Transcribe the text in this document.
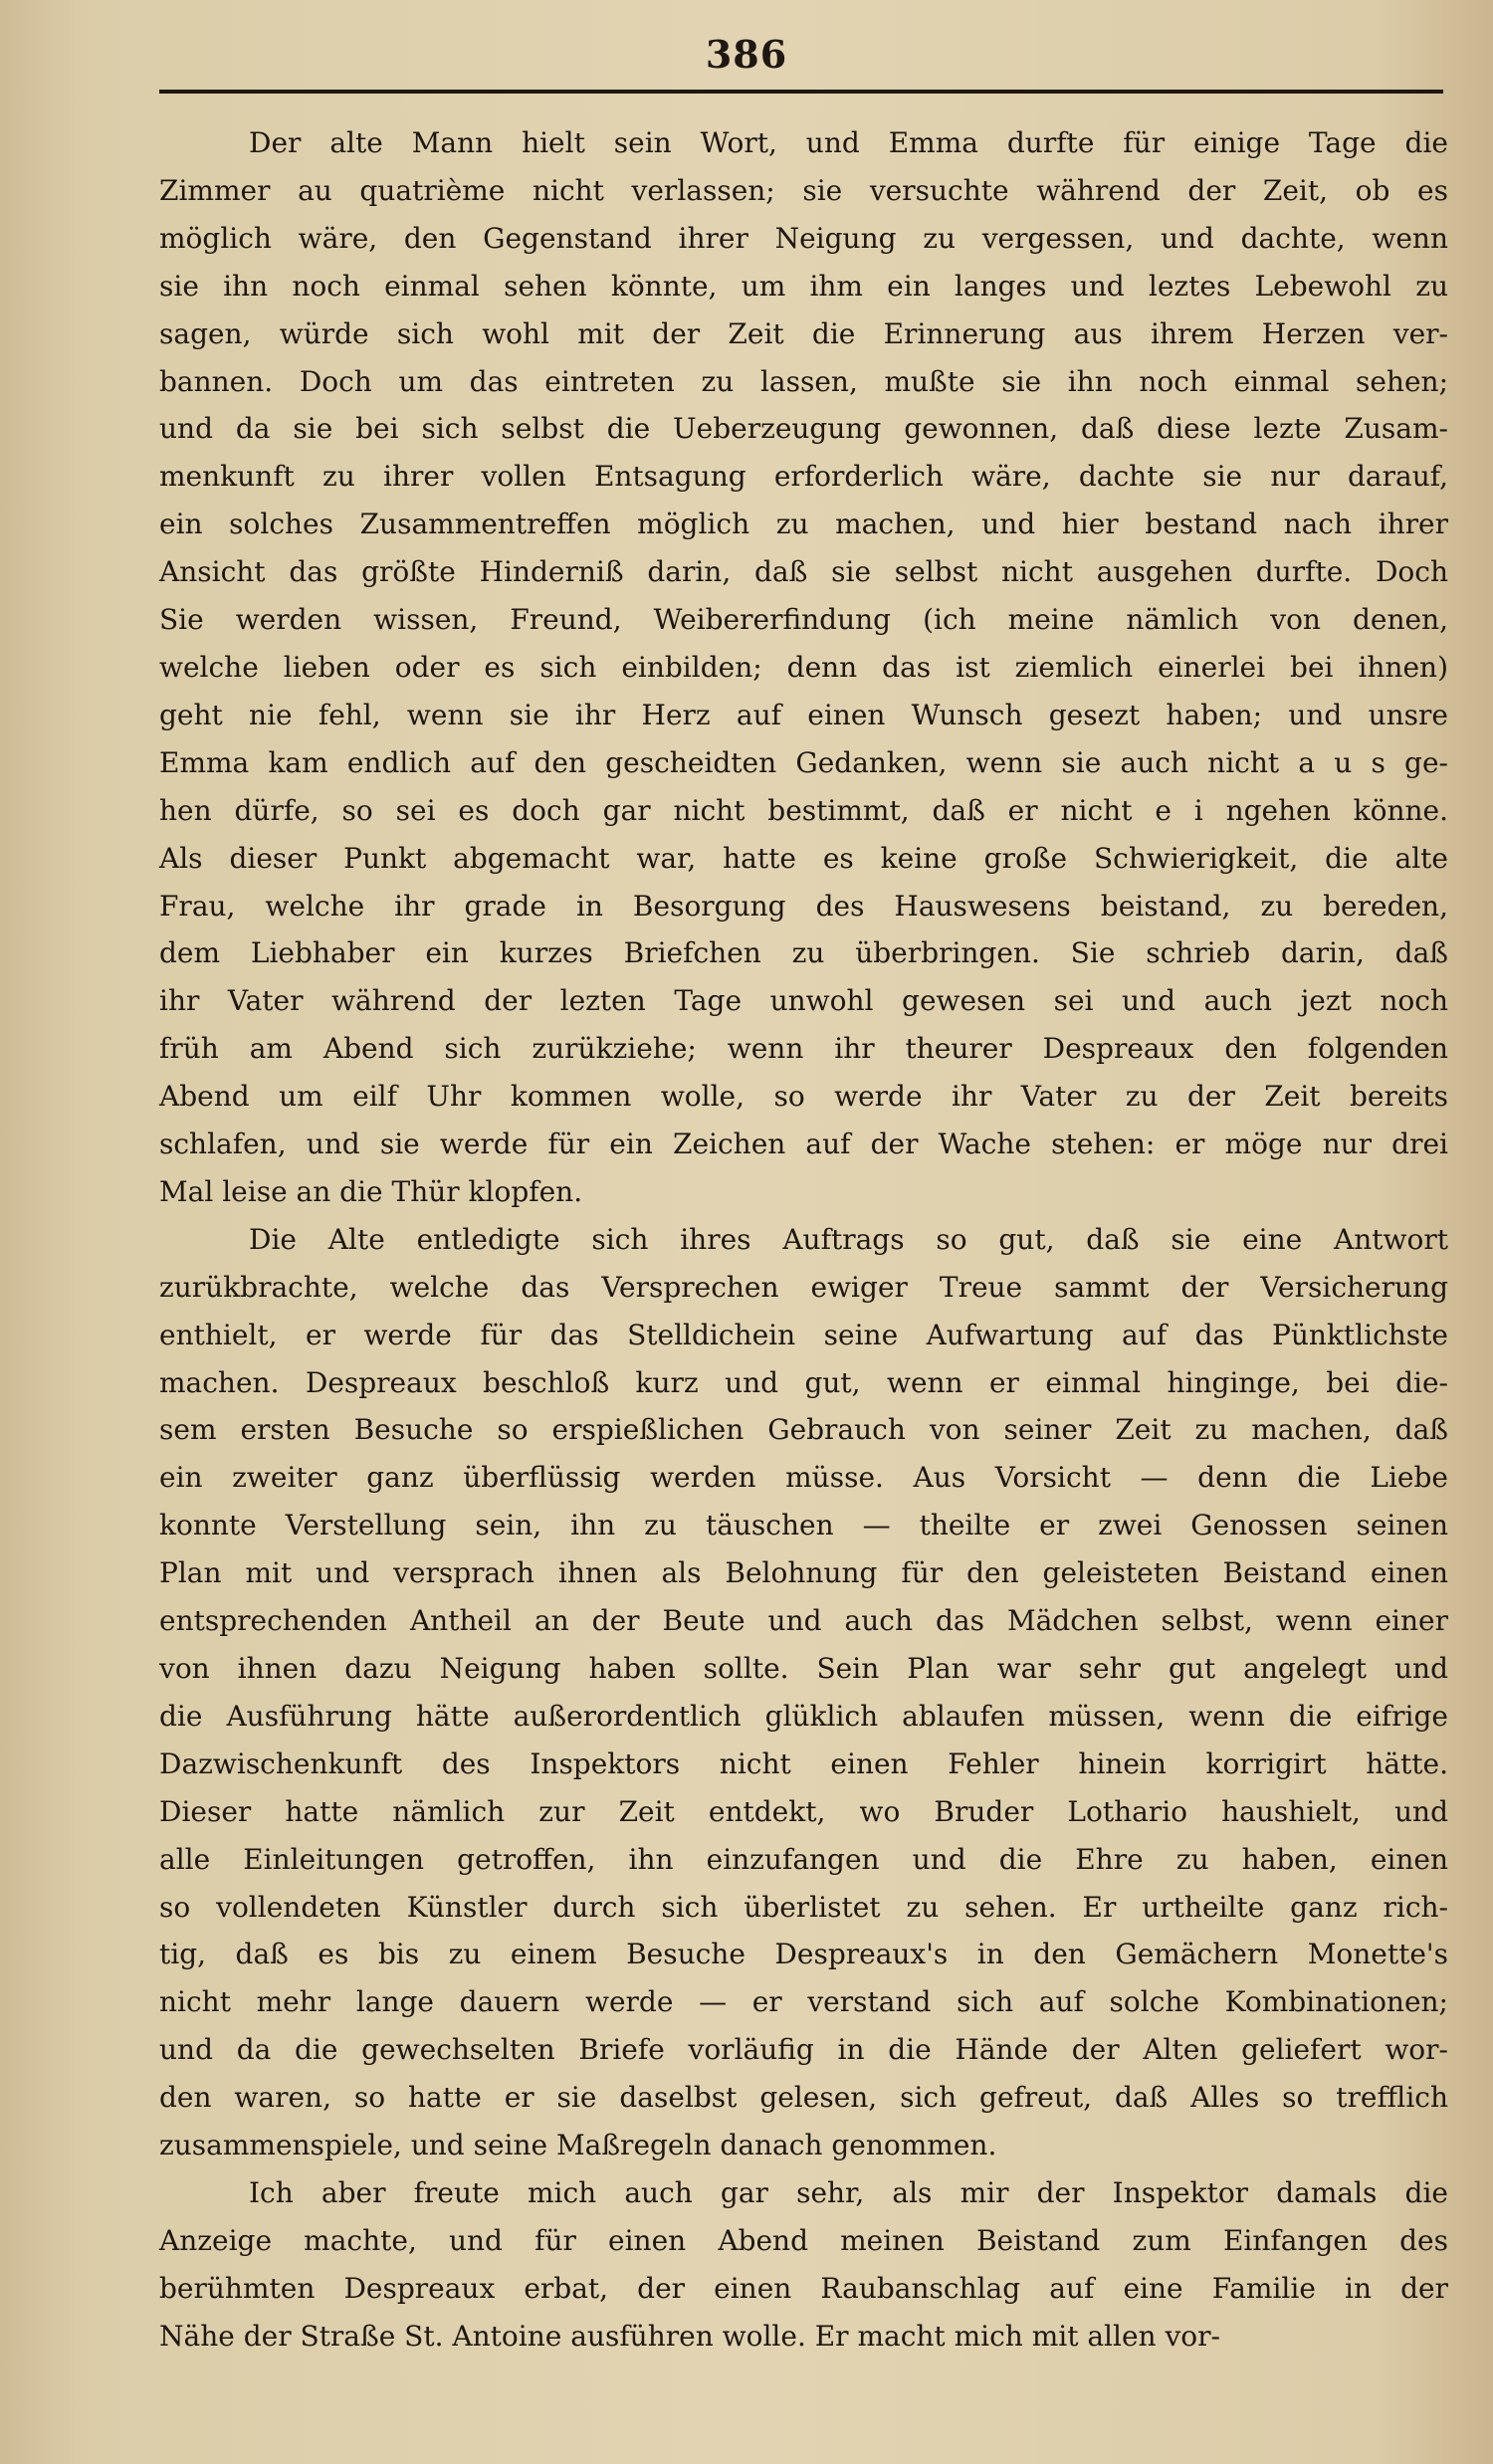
386
Der alte Mann hielt sein Wort, und Emma durfte für einige Tage die
Zimmer au quatrième nicht verlassen; sie versuchte während der Zeit, ob es
möglich wäre, den Gegenstand ihrer Neigung zu vergessen, und dachte, wenn
sie ihn noch einmal sehen könnte, um ihm ein langes und leztes Lebewohl zu
sagen, würde sich wohl mit der Zeit die Erinnerung aus ihrem Herzen ver-
bannen. Doch um das eintreten zu lassen, mußte sie ihn noch einmal sehen;
und da sie bei sich selbst die Ueberzeugung gewonnen, daß diese lezte Zusam-
menkunft zu ihrer vollen Entsagung erforderlich wäre, dachte sie nur darauf,
ein solches Zusammentreffen möglich zu machen, und hier bestand nach ihrer
Ansicht das größte Hinderniß darin, daß sie selbst nicht ausgehen durfte. Doch
Sie werden wissen, Freund, Weibererfindung (ich meine nämlich von denen,
welche lieben oder es sich einbilden; denn das ist ziemlich einerlei bei ihnen)
geht nie fehl, wenn sie ihr Herz auf einen Wunsch gesezt haben; und unsre
Emma kam endlich auf den gescheidten Gedanken, wenn sie auch nicht a u s ge-
hen dürfe, so sei es doch gar nicht bestimmt, daß er nicht e i ngehen könne.
Als dieser Punkt abgemacht war, hatte es keine große Schwierigkeit, die alte
Frau, welche ihr grade in Besorgung des Hauswesens beistand, zu bereden,
dem Liebhaber ein kurzes Briefchen zu überbringen. Sie schrieb darin, daß
ihr Vater während der lezten Tage unwohl gewesen sei und auch jezt noch
früh am Abend sich zurükziehe; wenn ihr theurer Despreaux den folgenden
Abend um eilf Uhr kommen wolle, so werde ihr Vater zu der Zeit bereits
schlafen, und sie werde für ein Zeichen auf der Wache stehen: er möge nur drei
Mal leise an die Thür klopfen.
Die Alte entledigte sich ihres Auftrags so gut, daß sie eine Antwort
zurükbrachte, welche das Versprechen ewiger Treue sammt der Versicherung
enthielt, er werde für das Stelldichein seine Aufwartung auf das Pünktlichste
machen. Despreaux beschloß kurz und gut, wenn er einmal hinginge, bei die-
sem ersten Besuche so erspießlichen Gebrauch von seiner Zeit zu machen, daß
ein zweiter ganz überflüssig werden müsse. Aus Vorsicht — denn die Liebe
konnte Verstellung sein, ihn zu täuschen — theilte er zwei Genossen seinen
Plan mit und versprach ihnen als Belohnung für den geleisteten Beistand einen
entsprechenden Antheil an der Beute und auch das Mädchen selbst, wenn einer
von ihnen dazu Neigung haben sollte. Sein Plan war sehr gut angelegt und
die Ausführung hätte außerordentlich glüklich ablaufen müssen, wenn die eifrige
Dazwischenkunft des Inspektors nicht einen Fehler hinein korrigirt hätte.
Dieser hatte nämlich zur Zeit entdekt, wo Bruder Lothario haushielt, und
alle Einleitungen getroffen, ihn einzufangen und die Ehre zu haben, einen
so vollendeten Künstler durch sich überlistet zu sehen. Er urtheilte ganz rich-
tig, daß es bis zu einem Besuche Despreaux's in den Gemächern Monette's
nicht mehr lange dauern werde — er verstand sich auf solche Kombinationen;
und da die gewechselten Briefe vorläufig in die Hände der Alten geliefert wor-
den waren, so hatte er sie daselbst gelesen, sich gefreut, daß Alles so trefflich
zusammenspiele, und seine Maßregeln danach genommen.
Ich aber freute mich auch gar sehr, als mir der Inspektor damals die
Anzeige machte, und für einen Abend meinen Beistand zum Einfangen des
berühmten Despreaux erbat, der einen Raubanschlag auf eine Familie in der
Nähe der Straße St. Antoine ausführen wolle. Er macht mich mit allen vor-
